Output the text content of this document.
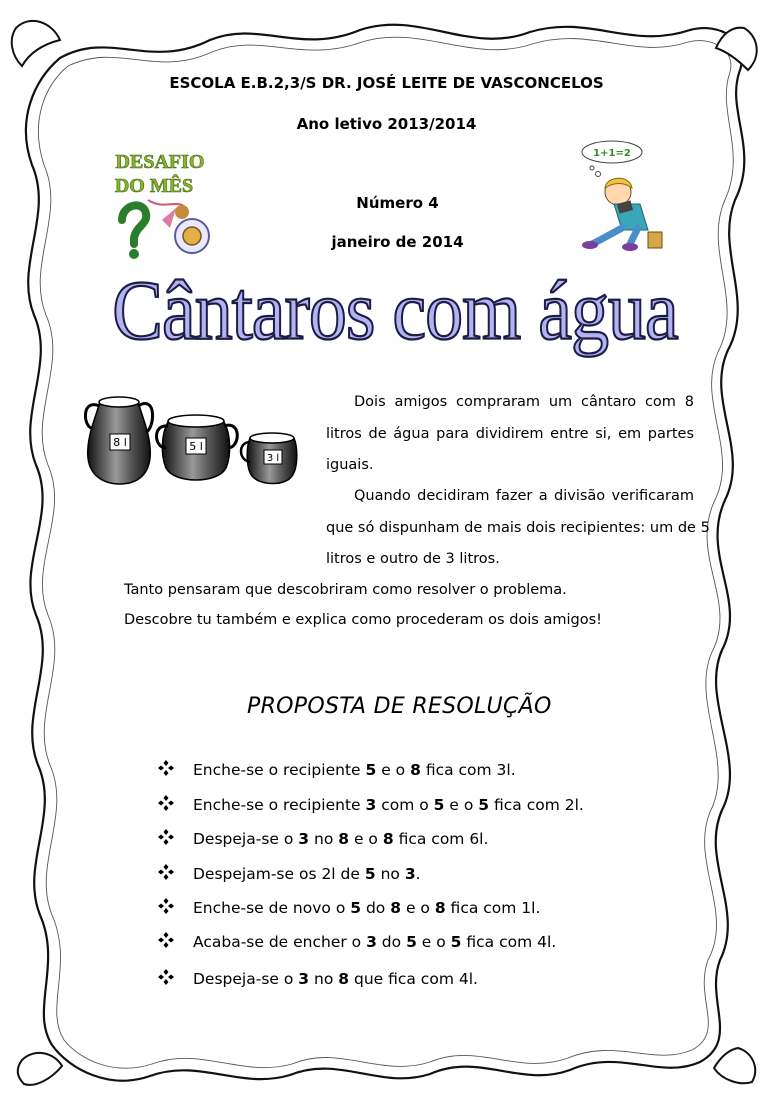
ESCOLA E.B.2,3/S DR. JOSÉ LEITE DE VASCONCELOS
Ano letivo 2013/2014
Número 4
janeiro de 2014
DESAFIO
DO MÊS
1+1=2
Cântaros com água
8 l	5 l
3 l
Dois amigos compraram um cântaro com 8
litros de água para dividirem entre si, em partes
iguais.
Quando decidiram fazer a divisão verificaram
que só dispunham de mais dois recipientes: um de 5
litros e outro de 3 litros.
Tanto pensaram que descobriram como resolver o problema.
Descobre tu também e explica como procederam os dois amigos!
PROPOSTA DE RESOLUÇÃO
Enche-se o recipiente 5 e o 8 fica com 3l.
Enche-se o recipiente 3 com o 5 e o 5 fica com 2l.
Despeja-se o 3 no 8 e o 8 fica com 6l.
Despejam-se os 2l de 5 no 3.
Enche-se de novo o 5 do 8 e o 8 fica com 1l.
Acaba-se de encher o 3 do 5 e o 5 fica com 4l.
Despeja-se o 3 no 8 que fica com 4l.
